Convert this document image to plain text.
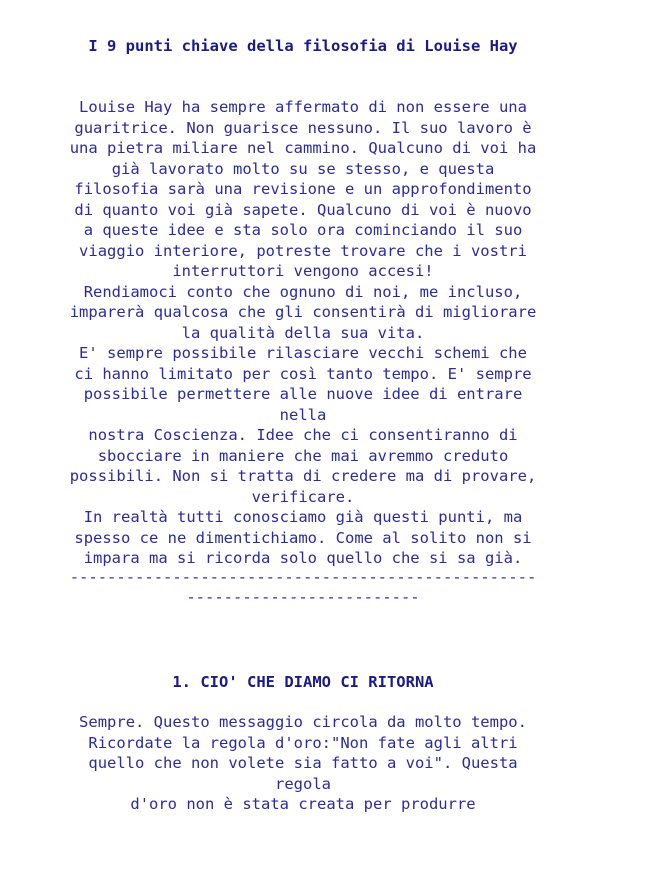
I 9 punti chiave della filosofia di Louise Hay
Louise Hay ha sempre affermato di non essere una
guaritrice. Non guarisce nessuno. Il suo lavoro è
una pietra miliare nel cammino. Qualcuno di voi ha
già lavorato molto su se stesso, e questa
filosofia sarà una revisione e un approfondimento
di quanto voi già sapete. Qualcuno di voi è nuovo
a queste idee e sta solo ora cominciando il suo
viaggio interiore, potreste trovare che i vostri
interruttori vengono accesi!
Rendiamoci conto che ognuno di noi, me incluso,
imparerà qualcosa che gli consentirà di migliorare
la qualità della sua vita.
E' sempre possibile rilasciare vecchi schemi che
ci hanno limitato per così tanto tempo. E' sempre
possibile permettere alle nuove idee di entrare
nella
nostra Coscienza. Idee che ci consentiranno di
sbocciare in maniere che mai avremmo creduto
possibili. Non si tratta di credere ma di provare,
verificare.
In realtà tutti conosciamo già questi punti, ma
spesso ce ne dimentichiamo. Come al solito non si
impara ma si ricorda solo quello che si sa già.
--------------------------------------------------
-------------------------
1. CIO' CHE DIAMO CI RITORNA
Sempre. Questo messaggio circola da molto tempo.
Ricordate la regola d'oro:"Non fate agli altri
quello che non volete sia fatto a voi". Questa
regola
d'oro non è stata creata per produrre
